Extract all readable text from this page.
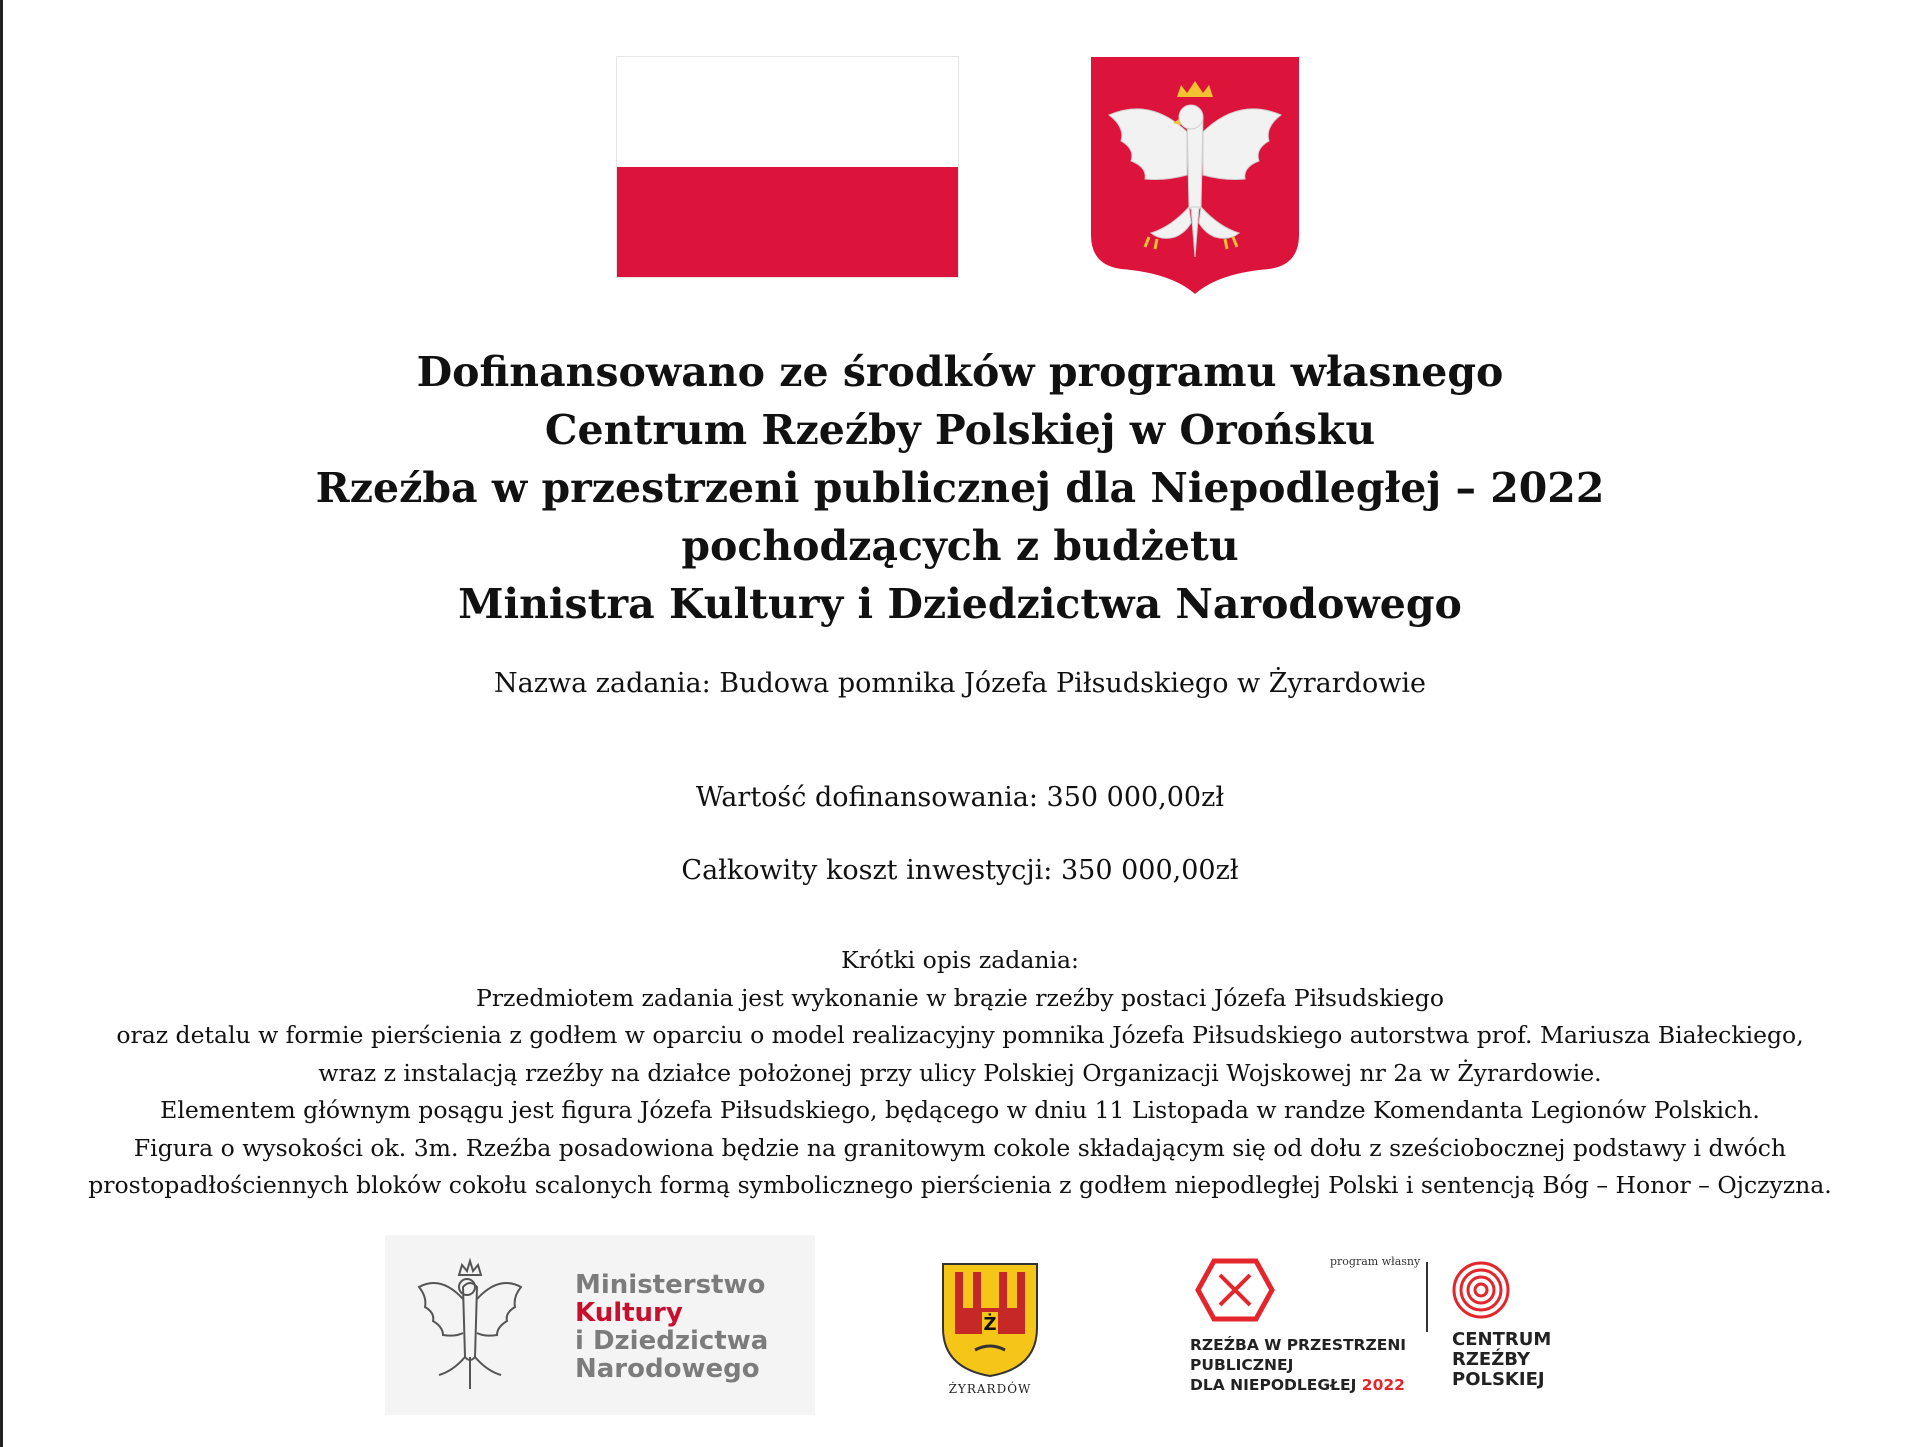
Dofinansowano ze środków programu własnego
Centrum Rzeźby Polskiej w Orońsku
Rzeźba w przestrzeni publicznej dla Niepodległej – 2022
pochodzących z budżetu
Ministra Kultury i Dziedzictwa Narodowego
Nazwa zadania: Budowa pomnika Józefa Piłsudskiego w Żyrardowie
Wartość dofinansowania: 350 000,00zł
Całkowity koszt inwestycji: 350 000,00zł
Krótki opis zadania:
Przedmiotem zadania jest wykonanie w brązie rzeźby postaci Józefa Piłsudskiego
oraz detalu w formie pierścienia z godłem w oparciu o model realizacyjny pomnika Józefa Piłsudskiego autorstwa prof. Mariusza Białeckiego,
wraz z instalacją rzeźby na działce położonej przy ulicy Polskiej Organizacji Wojskowej nr 2a w Żyrardowie.
Elementem głównym posągu jest figura Józefa Piłsudskiego, będącego w dniu 11 Listopada w randze Komendanta Legionów Polskich.
Figura o wysokości ok. 3m. Rzeźba posadowiona będzie na granitowym cokole składającym się od dołu z sześciobocznej podstawy i dwóch
prostopadłościennych bloków cokołu scalonych formą symbolicznego pierścienia z godłem niepodległej Polski i sentencją Bóg – Honor – Ojczyzna.
Ministerstwo
Kultury
i Dziedzictwa
Narodowego
Ż
ŻYRARDÓW
program własny
RZEŹBA W PRZESTRZENI
PUBLICZNEJ
DLA NIEPODLEGŁEJ 2022
CENTRUM
RZEŹBY
POLSKIEJ
